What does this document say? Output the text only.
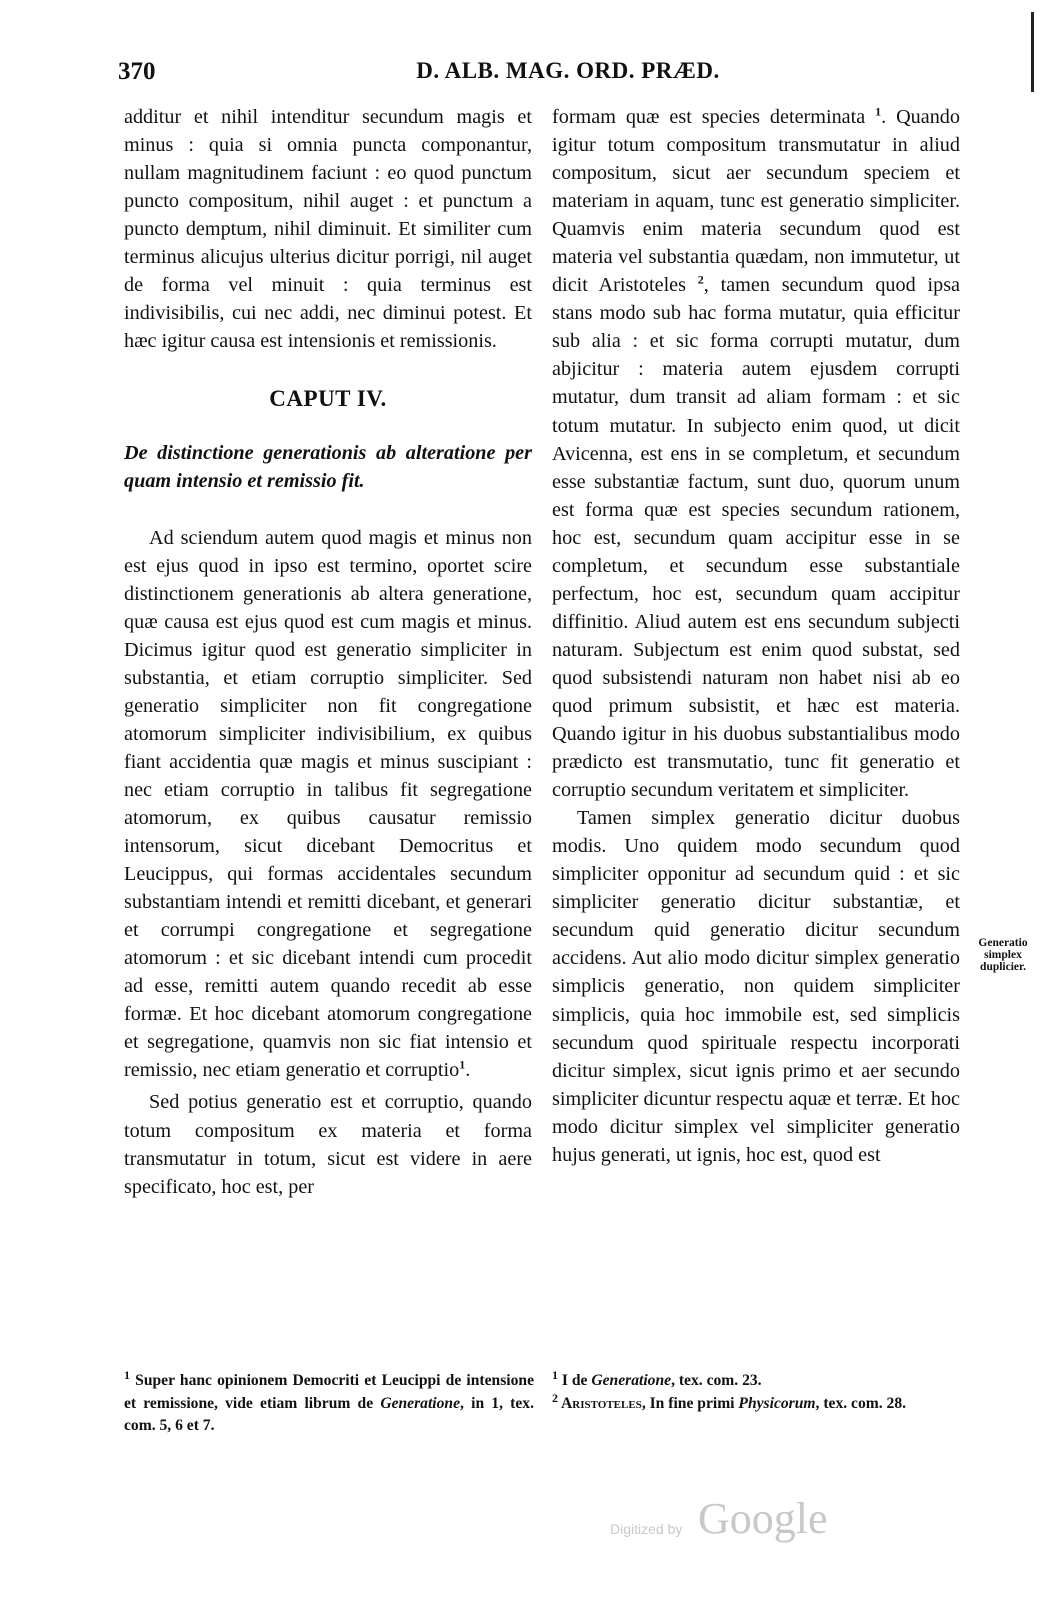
370	D. ALB. MAG. ORD. PRÆD.

additur et nihil intenditur secundum magis et minus : quia si omnia puncta componantur, nullam magnitudinem faciunt : eo quod punctum puncto compositum, nihil auget : et punctum a puncto demptum, nihil diminuit. Et similiter cum terminus alicujus ulterius dicitur porrigi, nil auget de forma vel minuit : quia terminus est indivisibilis, cui nec addi, nec diminui potest. Et hæc igitur causa est intensionis et remissionis.

CAPUT IV.

De distinctione generationis ab alteratione per quam intensio et remissio fit.

Ad sciendum autem quod magis et minus non est ejus quod in ipso est termino, oportet scire distinctionem generationis ab altera generatione, quæ causa est ejus quod est cum magis et minus. Dicimus igitur quod est generatio simpliciter in substantia, et etiam corruptio simpliciter. Sed generatio simpliciter non fit congregatione atomorum simpliciter indivisibilium, ex quibus fiant accidentia quæ magis et minus suscipiant : nec etiam corruptio in talibus fit segregatione atomorum, ex quibus causatur remissio intensorum, sicut dicebant Democritus et Leucippus, qui formas accidentales secundum substantiam intendi et remitti dicebant, et generari et corrumpi congregatione et segregatione atomorum : et sic dicebant intendi cum procedit ad esse, remitti autem quando recedit ab esse formæ. Et hoc dicebant atomorum congregatione et segregatione, quamvis non sic fiat intensio et remissio, nec etiam generatio et corruptio$^1$.

Sed potius generatio est et corruptio, quando totum compositum ex materia et forma transmutatur in totum, sicut est videre in aere specificato, hoc est, per

formam quæ est species determinata $^1$. Quando igitur totum compositum transmutatur in aliud compositum, sicut aer secundum speciem et materiam in aquam, tunc est generatio simpliciter. Quamvis enim materia secundum quod est materia vel substantia quædam, non immutetur, ut dicit Aristoteles $^2$, tamen secundum quod ipsa stans modo sub hac forma mutatur, quia efficitur sub alia : et sic forma corrupti mutatur, dum abjicitur : materia autem ejusdem corrupti mutatur, dum transit ad aliam formam : et sic totum mutatur. In subjecto enim quod, ut dicit Avicenna, est ens in se completum, et secundum esse substantiæ factum, sunt duo, quorum unum est forma quæ est species secundum rationem, hoc est, secundum quam accipitur esse in se completum, et secundum esse substantiale perfectum, hoc est, secundum quam accipitur diffinitio. Aliud autem est ens secundum subjecti naturam. Subjectum est enim quod substat, sed quod subsistendi naturam non habet nisi ab eo quod primum subsistit, et hæc est materia. Quando igitur in his duobus substantialibus modo prædicto est transmutatio, tunc fit generatio et corruptio secundum veritatem et simpliciter.

Tamen simplex generatio dicitur duobus modis. Uno quidem modo secundum quod simpliciter opponitur ad secundum quid : et sic simpliciter generatio dicitur substantiæ, et secundum quid generatio dicitur secundum accidens. Aut alio modo dicitur simplex generatio simplicis generatio, non quidem simpliciter simplicis, quia hoc immobile est, sed simplicis secundum quod spirituale respectu incorporati dicitur simplex, sicut ignis primo et aer secundo simpliciter dicuntur respectu aquæ et terræ. Et hoc modo dicitur simplex vel simpliciter generatio hujus generati, ut ignis, hoc est, quod est

Generatio simplex duplicier.
$^1$ Super hanc opinionem Democriti et Leucippi de intensione et remissione, vide etiam librum de Generatione, in 1, tex. com. 5, 6 et 7.
$^1$ I de Generatione, tex. com. 23.
$^2$ Aristoteles, In fine primi Physicorum, tex. com. 28.
Digitized by Google
